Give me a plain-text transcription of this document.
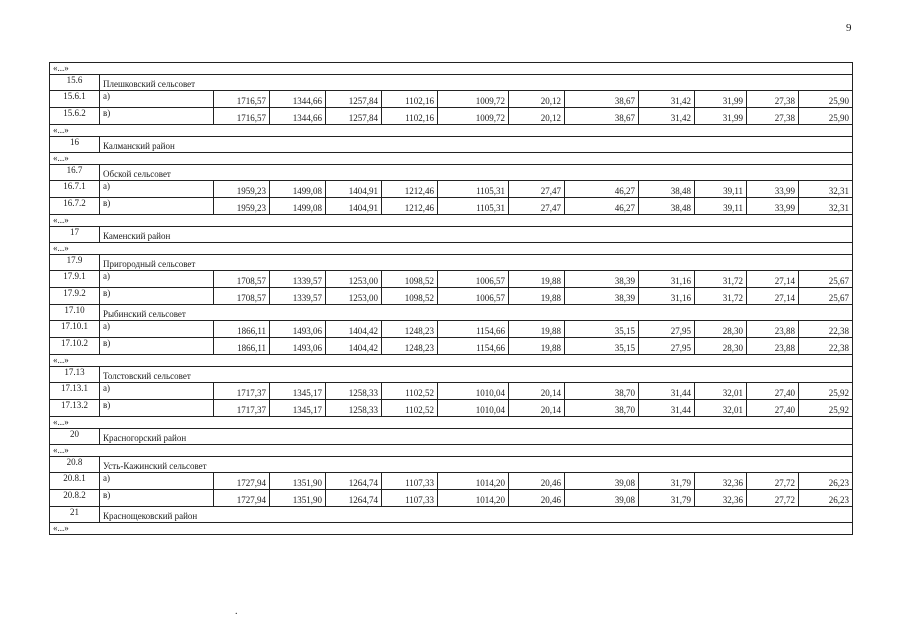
9
«...»												
15.6	Плешковский сельсовет											
15.6.1	а)	1716,57	1344,66	1257,84	1102,16	1009,72	20,12	38,67	31,42	31,99	27,38	25,90
15.6.2	в)	1716,57	1344,66	1257,84	1102,16	1009,72	20,12	38,67	31,42	31,99	27,38	25,90
«...»												
16	Калманский район											
«...»												
16.7	Обской сельсовет											
16.7.1	а)	1959,23	1499,08	1404,91	1212,46	1105,31	27,47	46,27	38,48	39,11	33,99	32,31
16.7.2	в)	1959,23	1499,08	1404,91	1212,46	1105,31	27,47	46,27	38,48	39,11	33,99	32,31
«...»												
17	Каменский район											
«...»												
17.9	Пригородный сельсовет											
17.9.1	а)	1708,57	1339,57	1253,00	1098,52	1006,57	19,88	38,39	31,16	31,72	27,14	25,67
17.9.2	в)	1708,57	1339,57	1253,00	1098,52	1006,57	19,88	38,39	31,16	31,72	27,14	25,67
17.10	Рыбинский сельсовет											
17.10.1	а)	1866,11	1493,06	1404,42	1248,23	1154,66	19,88	35,15	27,95	28,30	23,88	22,38
17.10.2	в)	1866,11	1493,06	1404,42	1248,23	1154,66	19,88	35,15	27,95	28,30	23,88	22,38
«...»												
17.13	Толстовский сельсовет											
17.13.1	а)	1717,37	1345,17	1258,33	1102,52	1010,04	20,14	38,70	31,44	32,01	27,40	25,92
17.13.2	в)	1717,37	1345,17	1258,33	1102,52	1010,04	20,14	38,70	31,44	32,01	27,40	25,92
«...»												
20	Красногорский район											
«...»												
20.8	Усть-Кажинский сельсовет											
20.8.1	а)	1727,94	1351,90	1264,74	1107,33	1014,20	20,46	39,08	31,79	32,36	27,72	26,23
20.8.2	в)	1727,94	1351,90	1264,74	1107,33	1014,20	20,46	39,08	31,79	32,36	27,72	26,23
21	Краснощековский район											
«...»												
.
